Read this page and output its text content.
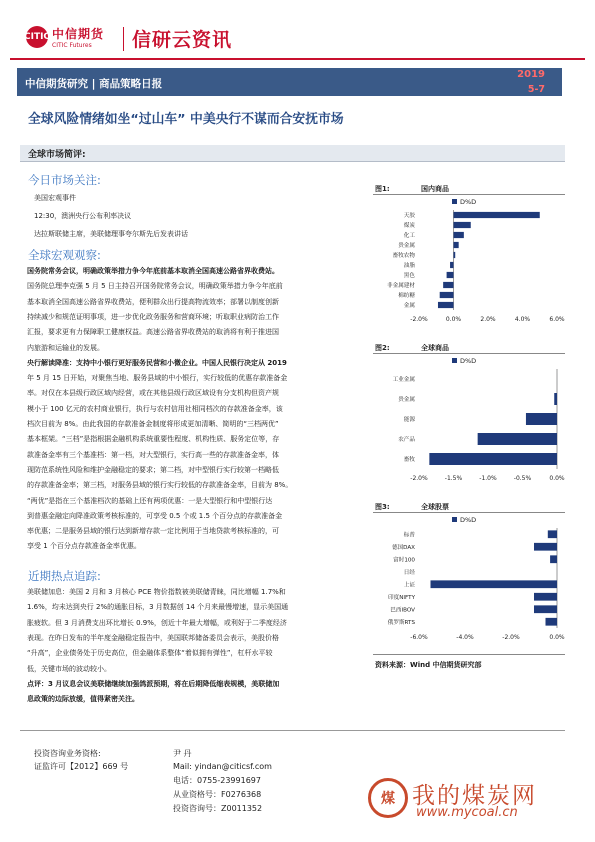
CITIC 中信期货
CITIC Futures 信研云资讯
中信期货研究 | 商品策略日报
2019
5-7
全球风险情绪如坐“过山车” 中美央行不谋而合安抚市场
全球市场简评:
今日市场关注:
美国宏观事件
12:30，澳洲央行公布利率决议
达拉斯联储主席，美联储理事夸尔斯先后发表讲话
全球宏观观察:
国务院常务会议，明确政策举措力争今年底前基本取消全国高速公路省界收费站。
国务院总理李克强 5 月 5 日主持召开国务院常务会议，明确政策举措力争今年底前
基本取消全国高速公路省界收费站，便利群众出行提高物流效率；部署以制度创新
持续减少和规范证明事项，进一步优化政务服务和营商环境；听取职业病防治工作
汇报，要求更有力保障职工健康权益。高速公路省界收费站的取消将有利于推进国
内旅游和运输业的发展。
央行解读降准：支持中小银行更好服务民营和小微企业。中国人民银行决定从 2019
年 5 月 15 日开始，对聚焦当地、服务县域的中小银行，实行较低的优惠存款准备金
率。对仅在本县级行政区域内经营，或在其他县级行政区域设有分支机构但资产规
模小于 100 亿元的农村商业银行，执行与农村信用社相同档次的存款准备金率，该
档次目前为 8%。由此我国的存款准备金制度将形成更加清晰、简明的“三档两优”
基本框架。“三档”是指根据金融机构系统重要性程度、机构性质、服务定位等，存
款准备金率有三个基准档：第一档，对大型银行，实行高一些的存款准备金率，体
现防范系统性风险和维护金融稳定的要求；第二档，对中型银行实行较第一档略低
的存款准备金率；第三档，对服务县域的银行实行较低的存款准备金率，目前为 8%。
“两优”是指在三个基准档次的基础上还有两项优惠：一是大型银行和中型银行达
到普惠金融定向降准政策考核标准的，可享受 0.5 个或 1.5 个百分点的存款准备金
率优惠；二是服务县域的银行达到新增存款一定比例用于当地贷款考核标准的，可
享受 1 个百分点存款准备金率优惠。
近期热点追踪:
美联储加息：美国 2 月和 3 月核心 PCE 物价指数被美联储青睐，同比增幅 1.7%和
1.6%，均未达到央行 2%的通胀目标，3 月数据创 14 个月来最慢增速，显示美国通
胀疲软。但 3 月消费支出环比增长 0.9%，创近十年最大增幅，或利好于二季度经济
表现。在昨日发布的半年度金融稳定报告中，美国联邦储备委员会表示，美股价格
“升高”，企业债务处于历史高位，但金融体系整体“着似拥有弹性”，杠杆水平较
低，关键市场的波动较小。
点评：3 月议息会议美联储继续加强鸽派预期，将在后期降低缩表规模，美联储加
息政策的边际放缓，值得紧密关注。
图1:	国内商品
D%D
天胶
煤炭
化工
贵金属
畜牧农物
油脂
黑色
非金属建材
棉纺糖
金属
-2.0%	0.0%	2.0%	4.0%	6.0%
图2:	全球商品
D%D
工业金属
贵金属
能源
农产品
畜牧
-2.0%	-1.5%	-1.0%	-0.5%	0.0%
图3:	全球股票
D%D
标普
德国DAX
富时100
日经
上证
印度NIFTY
巴西IBOV
俄罗斯RTS
-6.0%	-4.0%	-2.0%	0.0%
资料来源：Wind 中信期货研究部
投资咨询业务资格:
证监许可【2012】669 号
尹 丹
Mail: yindan@citicsf.com
电话：0755-23991697
从业资格号：F0276368
投资咨询号：Z0011352
煤 我的煤炭网
www.mycoal.cn
